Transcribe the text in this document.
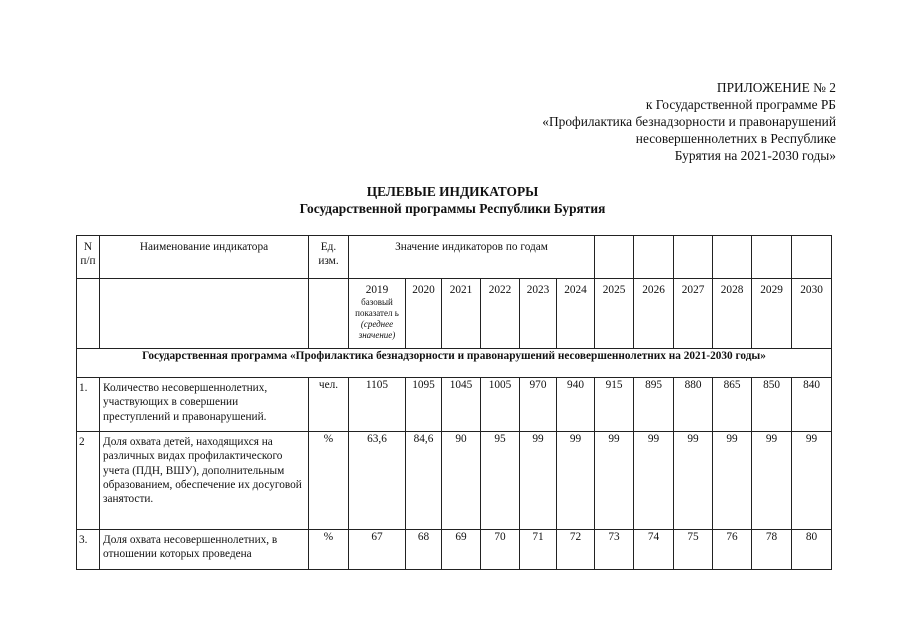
ПРИЛОЖЕНИЕ № 2
к Государственной программе РБ
«Профилактика безнадзорности и правонарушений
несовершеннолетних в Республике
Бурятия на 2021-2030 годы»
ЦЕЛЕВЫЕ ИНДИКАТОРЫ
Государственной программы Республики Бурятия
N п/п	Наименование индикатора	Ед. изм.	Значение индикаторов по годам											
			2019
базовый показател ь
(среднее значение)	2020	2021	2022	2023	2024	2025	2026	2027	2028	2029	2030
Государственная программа «Профилактика безнадзорности и правонарушений несовершеннолетних на 2021-2030 годы»														
1.	Количество несовершеннолетних, участвующих в совершении преступлений и правонарушений.	чел.	1105	1095	1045	1005	970	940	915	895	880	865	850	840
2	Доля охвата детей, находящихся на различных видах профилактического учета (ПДН, ВШУ), дополнительным образованием, обеспечение их досуговой занятости.	%	63,6	84,6	90	95	99	99	99	99	99	99	99	99
3.	Доля охвата несовершеннолетних, в отношении которых проведена	%	67	68	69	70	71	72	73	74	75	76	78	80
